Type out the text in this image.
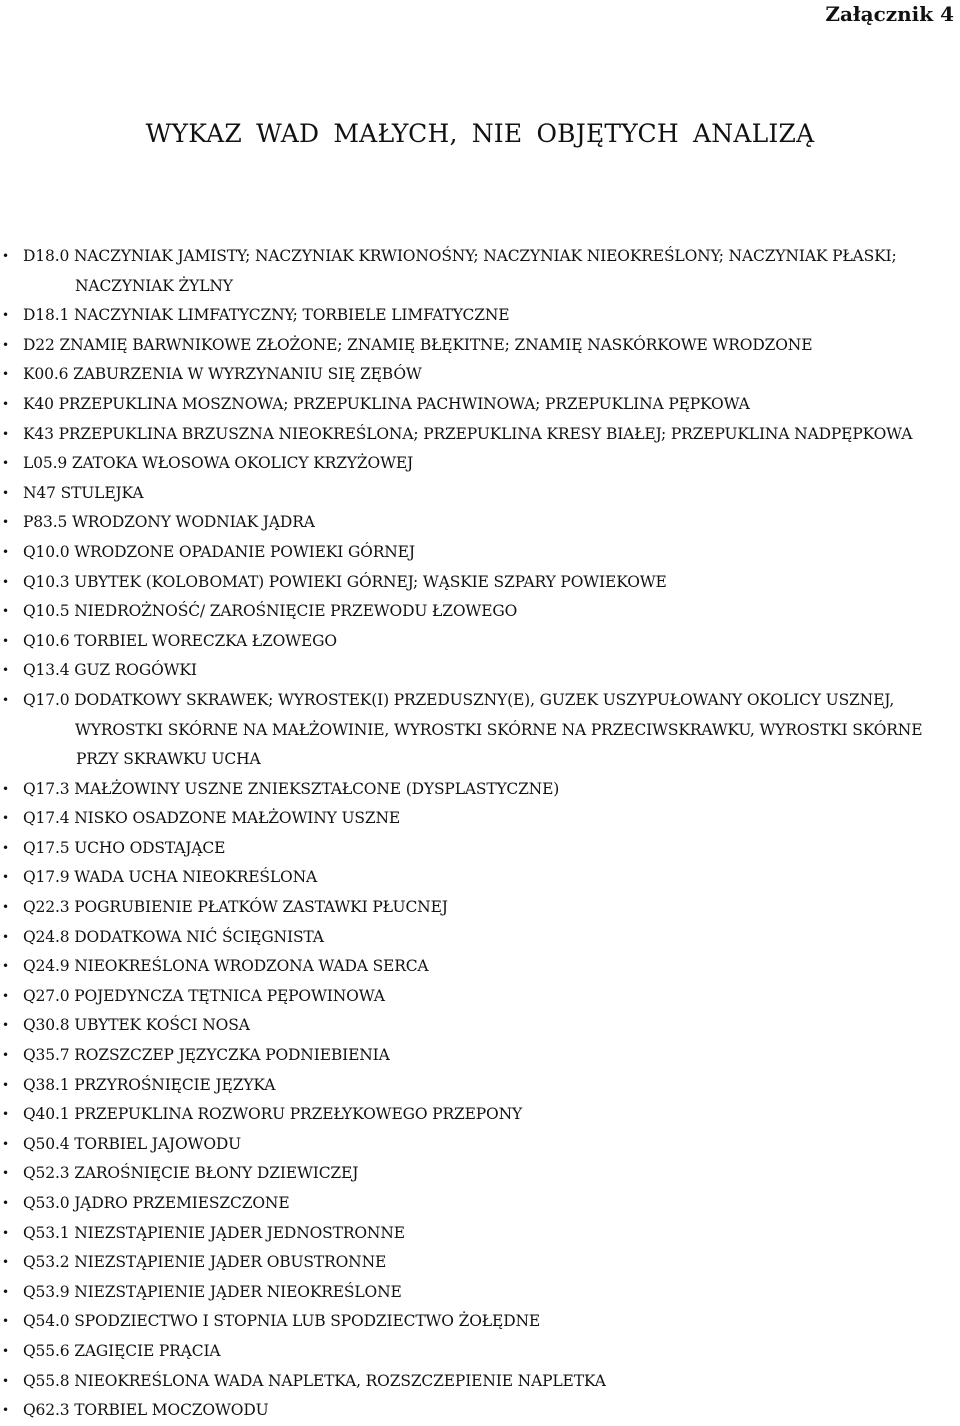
Załącznik 4

WYKAZ WAD MAŁYCH, NIE OBJĘTYCH ANALIZĄ
• D18.0 NACZYNIAK JAMISTY; NACZYNIAK KRWIONOŚNY; NACZYNIAK NIEOKREŚLONY; NACZYNIAK PŁASKI;
NACZYNIAK ŻYLNY
• D18.1 NACZYNIAK LIMFATYCZNY; TORBIELE LIMFATYCZNE
• D22 ZNAMIĘ BARWNIKOWE ZŁOŻONE; ZNAMIĘ BŁĘKITNE; ZNAMIĘ NASKÓRKOWE WRODZONE
• K00.6 ZABURZENIA W WYRZYNANIU SIĘ ZĘBÓW
• K40 PRZEPUKLINA MOSZNOWA; PRZEPUKLINA PACHWINOWA; PRZEPUKLINA PĘPKOWA
• K43 PRZEPUKLINA BRZUSZNA NIEOKREŚLONA; PRZEPUKLINA KRESY BIAŁEJ; PRZEPUKLINA NADPĘPKOWA
• L05.9 ZATOKA WŁOSOWA OKOLICY KRZYŻOWEJ
• N47 STULEJKA
• P83.5 WRODZONY WODNIAK JĄDRA
• Q10.0 WRODZONE OPADANIE POWIEKI GÓRNEJ
• Q10.3 UBYTEK (KOLOBOMAT) POWIEKI GÓRNEJ; WĄSKIE SZPARY POWIEKOWE
• Q10.5 NIEDROŻNOŚĆ/ ZAROŚNIĘCIE PRZEWODU ŁZOWEGO
• Q10.6 TORBIEL WORECZKA ŁZOWEGO
• Q13.4 GUZ ROGÓWKI
• Q17.0 DODATKOWY SKRAWEK; WYROSTEK(I) PRZEDUSZNY(E), GUZEK USZYPUŁOWANY OKOLICY USZNEJ,
WYROSTKI SKÓRNE NA MAŁŻOWINIE, WYROSTKI SKÓRNE NA PRZECIWSKRAWKU, WYROSTKI SKÓRNE
PRZY SKRAWKU UCHA
• Q17.3 MAŁŻOWINY USZNE ZNIEKSZTAŁCONE (DYSPLASTYCZNE)
• Q17.4 NISKO OSADZONE MAŁŻOWINY USZNE
• Q17.5 UCHO ODSTAJĄCE
• Q17.9 WADA UCHA NIEOKREŚLONA
• Q22.3 POGRUBIENIE PŁATKÓW ZASTAWKI PŁUCNEJ
• Q24.8 DODATKOWA NIĆ ŚCIĘGNISTA
• Q24.9 NIEOKREŚLONA WRODZONA WADA SERCA
• Q27.0 POJEDYNCZA TĘTNICA PĘPOWINOWA
• Q30.8 UBYTEK KOŚCI NOSA
• Q35.7 ROZSZCZEP JĘZYCZKA PODNIEBIENIA
• Q38.1 PRZYROŚNIĘCIE JĘZYKA
• Q40.1 PRZEPUKLINA ROZWORU PRZEŁYKOWEGO PRZEPONY
• Q50.4 TORBIEL JAJOWODU
• Q52.3 ZAROŚNIĘCIE BŁONY DZIEWICZEJ
• Q53.0 JĄDRO PRZEMIESZCZONE
• Q53.1 NIEZSTĄPIENIE JĄDER JEDNOSTRONNE
• Q53.2 NIEZSTĄPIENIE JĄDER OBUSTRONNE
• Q53.9 NIEZSTĄPIENIE JĄDER NIEOKREŚLONE
• Q54.0 SPODZIECTWO I STOPNIA LUB SPODZIECTWO ŻOŁĘDNE
• Q55.6 ZAGIĘCIE PRĄCIA
• Q55.8 NIEOKREŚLONA WADA NAPLETKA, ROZSZCZEPIENIE NAPLETKA
• Q62.3 TORBIEL MOCZOWODU
